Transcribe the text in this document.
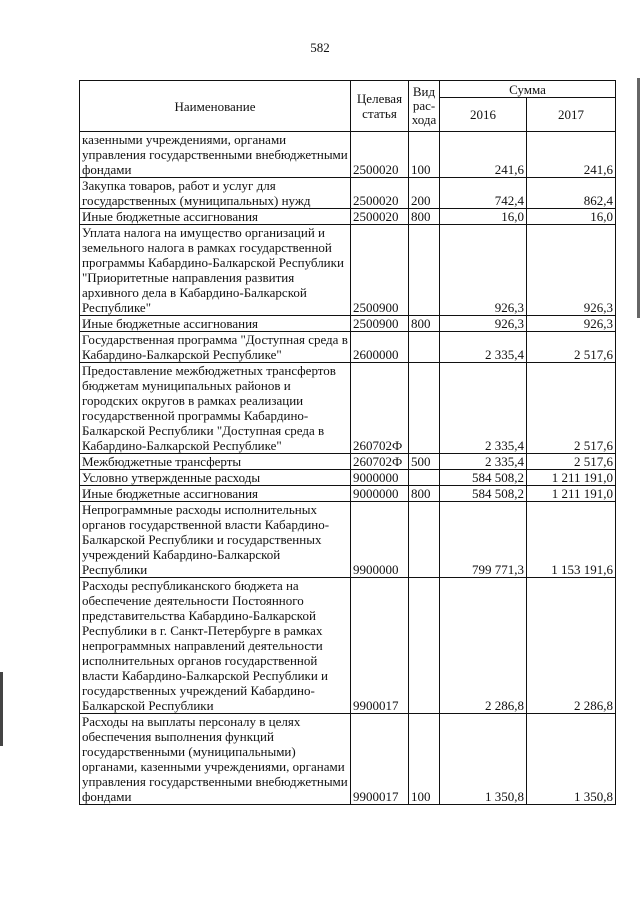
582
Наименование	Целевая статья	Вид рас-хода	Сумма	
			2016	2017
казенными учреждениями, органами управления государственными внебюджетными фондами	2500020	100	241,6	241,6
Закупка товаров, работ и услуг для государственных (муниципальных) нужд	2500020	200	742,4	862,4
Иные бюджетные ассигнования	2500020	800	16,0	16,0
Уплата налога на имущество организаций и земельного налога в рамках государственной программы Кабардино-Балкарской Республики "Приоритетные направления развития архивного дела в Кабардино-Балкарской Республике"	2500900		926,3	926,3
Иные бюджетные ассигнования	2500900	800	926,3	926,3
Государственная программа "Доступная среда в Кабардино-Балкарской Республике"	2600000		2 335,4	2 517,6
Предоставление межбюджетных трансфертов бюджетам муниципальных районов и городских округов в рамках реализации государственной программы Кабардино-Балкарской Республики "Доступная среда в Кабардино-Балкарской Республике"	260702Ф		2 335,4	2 517,6
Межбюджетные трансферты	260702Ф	500	2 335,4	2 517,6
Условно утвержденные расходы	9000000		584 508,2	1 211 191,0
Иные бюджетные ассигнования	9000000	800	584 508,2	1 211 191,0
Непрограммные расходы исполнительных органов государственной власти Кабардино-Балкарской Республики и государственных учреждений Кабардино-Балкарской Республики	9900000		799 771,3	1 153 191,6
Расходы республиканского бюджета на обеспечение деятельности Постоянного представительства Кабардино-Балкарской Республики в г. Санкт-Петербурге в рамках непрограммных направлений деятельности исполнительных органов государственной власти Кабардино-Балкарской Республики и государственных учреждений Кабардино-Балкарской Республики	9900017		2 286,8	2 286,8
Расходы на выплаты персоналу в целях обеспечения выполнения функций государственными (муниципальными) органами, казенными учреждениями, органами управления государственными внебюджетными фондами	9900017	100	1 350,8	1 350,8
